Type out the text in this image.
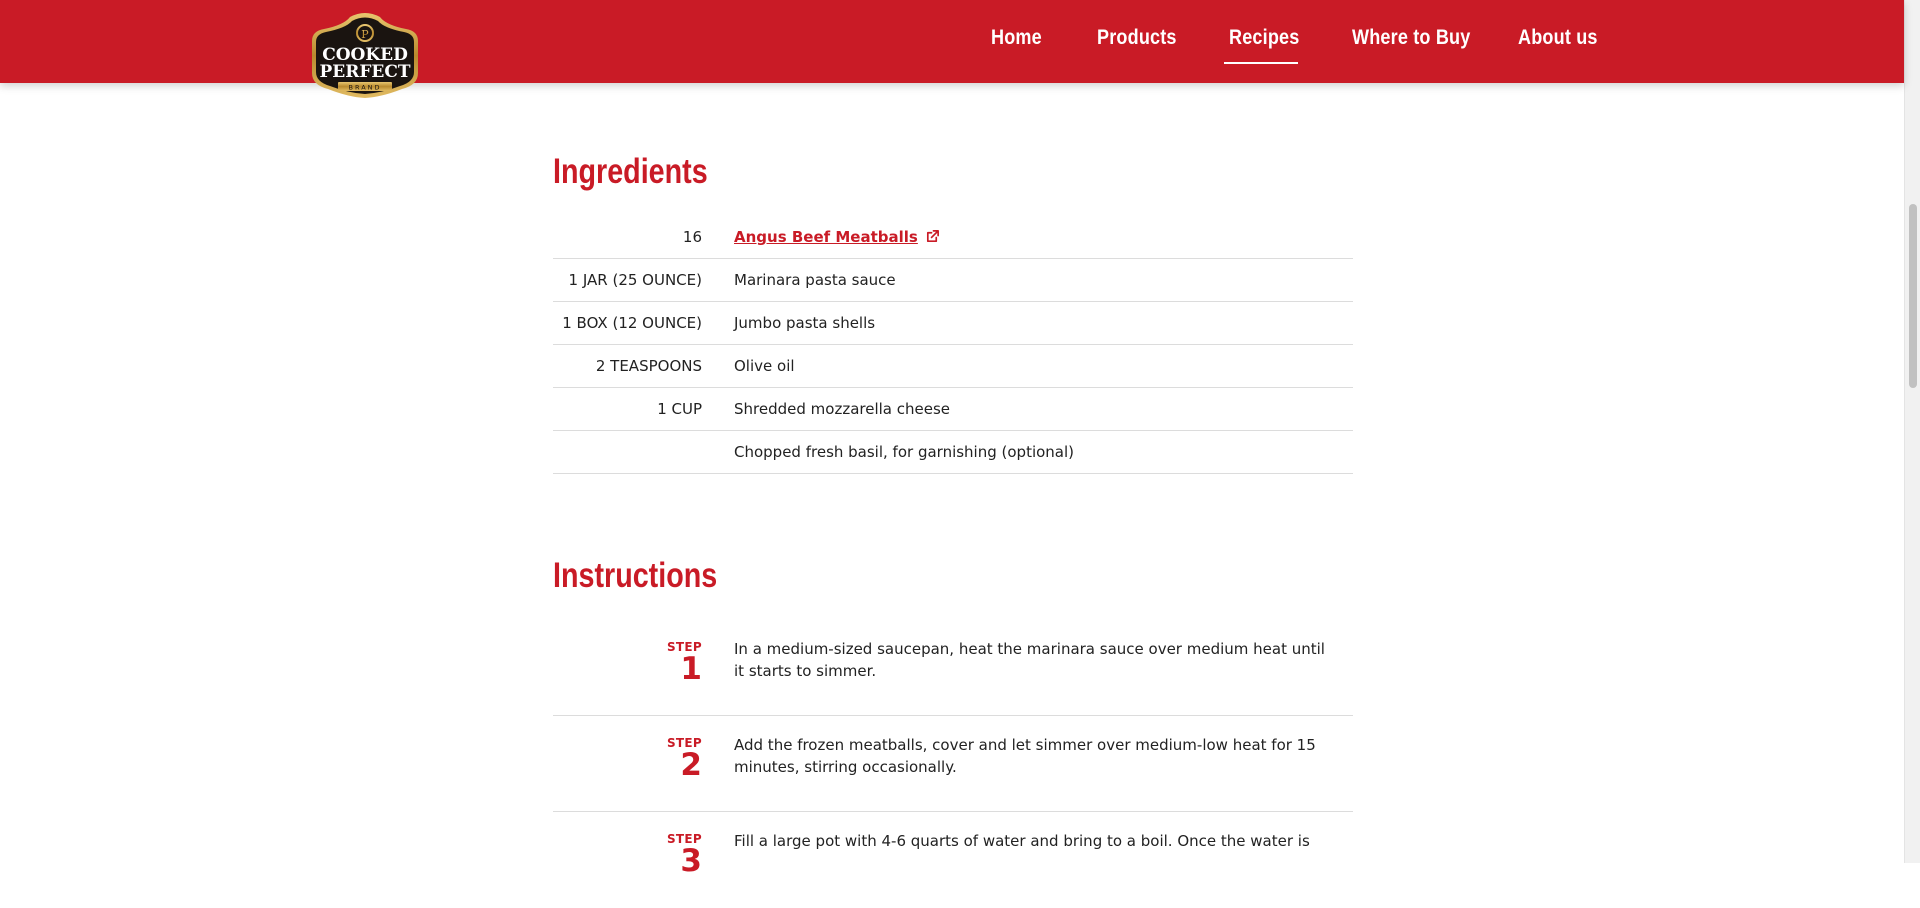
Home	Products Recipes	Where to Buy About us
P
COOKED
PERFECT
BRAND
Ingredients
16 Angus Beef Meatballs
1 JAR (25 OUNCE) Marinara pasta sauce
1 BOX (12 OUNCE) Jumbo pasta shells
2 TEASPOONS Olive oil
1 CUP Shredded mozzarella cheese
Chopped fresh basil, for garnishing (optional)
Instructions
STEP
1
In a medium-sized saucepan, heat the marinara sauce over medium heat until it starts to simmer.
STEP
2
Add the frozen meatballs, cover and let simmer over medium-low heat for 15 minutes, stirring occasionally.
STEP
3
Fill a large pot with 4-6 quarts of water and bring to a boil. Once the water is
